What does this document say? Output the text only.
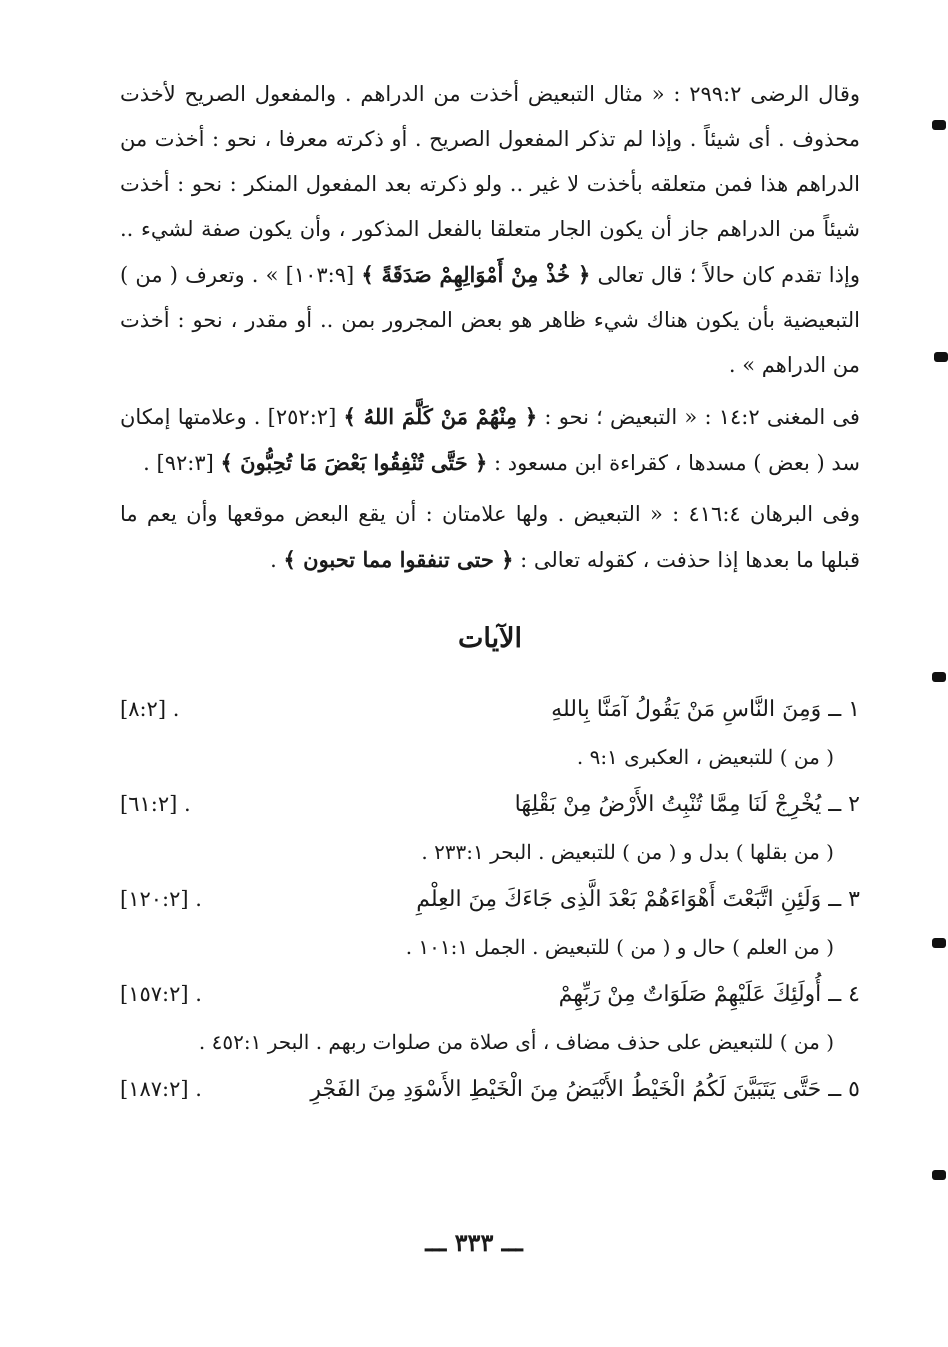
وقال الرضى ٢٩٩:٢ : « مثال التبعيض أخذت من الدراهم . والمفعول الصريح لأخذت محذوف . أى شيئاً . وإذا لم تذكر المفعول الصريح . أو ذكرته معرفا ، نحو : أخذت من الدراهم هذا فمن متعلقه بأخذت لا غير .. ولو ذكرته بعد المفعول المنكر : نحو : أخذت شيئاً من الدراهم جاز أن يكون الجار متعلقا بالفعل المذكور ، وأن يكون صفة لشيء .. وإذا تقدم كان حالاً ؛ قال تعالى ﴿ خُذْ مِنْ أَمْوَالِهِمْ صَدَقَةً ﴾ [١٠٣:٩] » . وتعرف ( من ) التبعيضية بأن يكون هناك شيء ظاهر هو بعض المجرور بمن .. أو مقدر ، نحو : أخذت من الدراهم » .

فى المغنى ١٤:٢ : « التبعيض ؛ نحو : ﴿ مِنْهُمْ مَنْ كَلَّمَ اللهُ ﴾ [٢٥٢:٢] . وعلامتها إمكان سد ( بعض ) مسدها ، كقراءة ابن مسعود : ﴿ حَتَّى تُنْفِقُوا بَعْضَ مَا تُحِبُّونَ ﴾ [٩٢:٣] .

وفى البرهان ٤١٦:٤ : « التبعيض . ولها علامتان : أن يقع البعض موقعها وأن يعم ما قبلها ما بعدها إذا حذفت ، كقوله تعالى : ﴿ حتى تنفقوا مما تحبون ﴾ .

الآيات
١ ــ وَمِنَ النَّاسِ مَنْ يَقُولُ آمَنَّا بِاللهِ
[٨:٢] .
( من ) للتبعيض ، العكبرى ٩:١ .
٢ ــ يُخْرِجْ لَنَا مِمَّا تُنْبِتُ الأَرْضُ مِنْ بَقْلِهَا
[٦١:٢] .
( من بقلها ) بدل و ( من ) للتبعيض . البحر ٢٣٣:١ .
٣ ــ وَلَئِنِ اتَّبَعْتَ أَهْوَاءَهُمْ بَعْدَ الَّذِى جَاءَكَ مِنَ العِلْمِ
[١٢٠:٢] .
( من العلم ) حال و ( من ) للتبعيض . الجمل ١٠١:١ .
٤ ــ أُولَئِكَ عَلَيْهِمْ صَلَوَاتٌ مِنْ رَبِّهِمْ
[١٥٧:٢] .
( من ) للتبعيض على حذف مضاف ، أى صلاة من صلوات ربهم . البحر ٤٥٢:١ .
٥ ــ حَتَّى يَتَبَيَّنَ لَكُمُ الْخَيْطُ الأَبْيَضُ مِنَ الْخَيْطِ الأَسْوَدِ مِنَ الفَجْرِ
[١٨٧:٢] .
ـــ ٣٣٣ ـــ
